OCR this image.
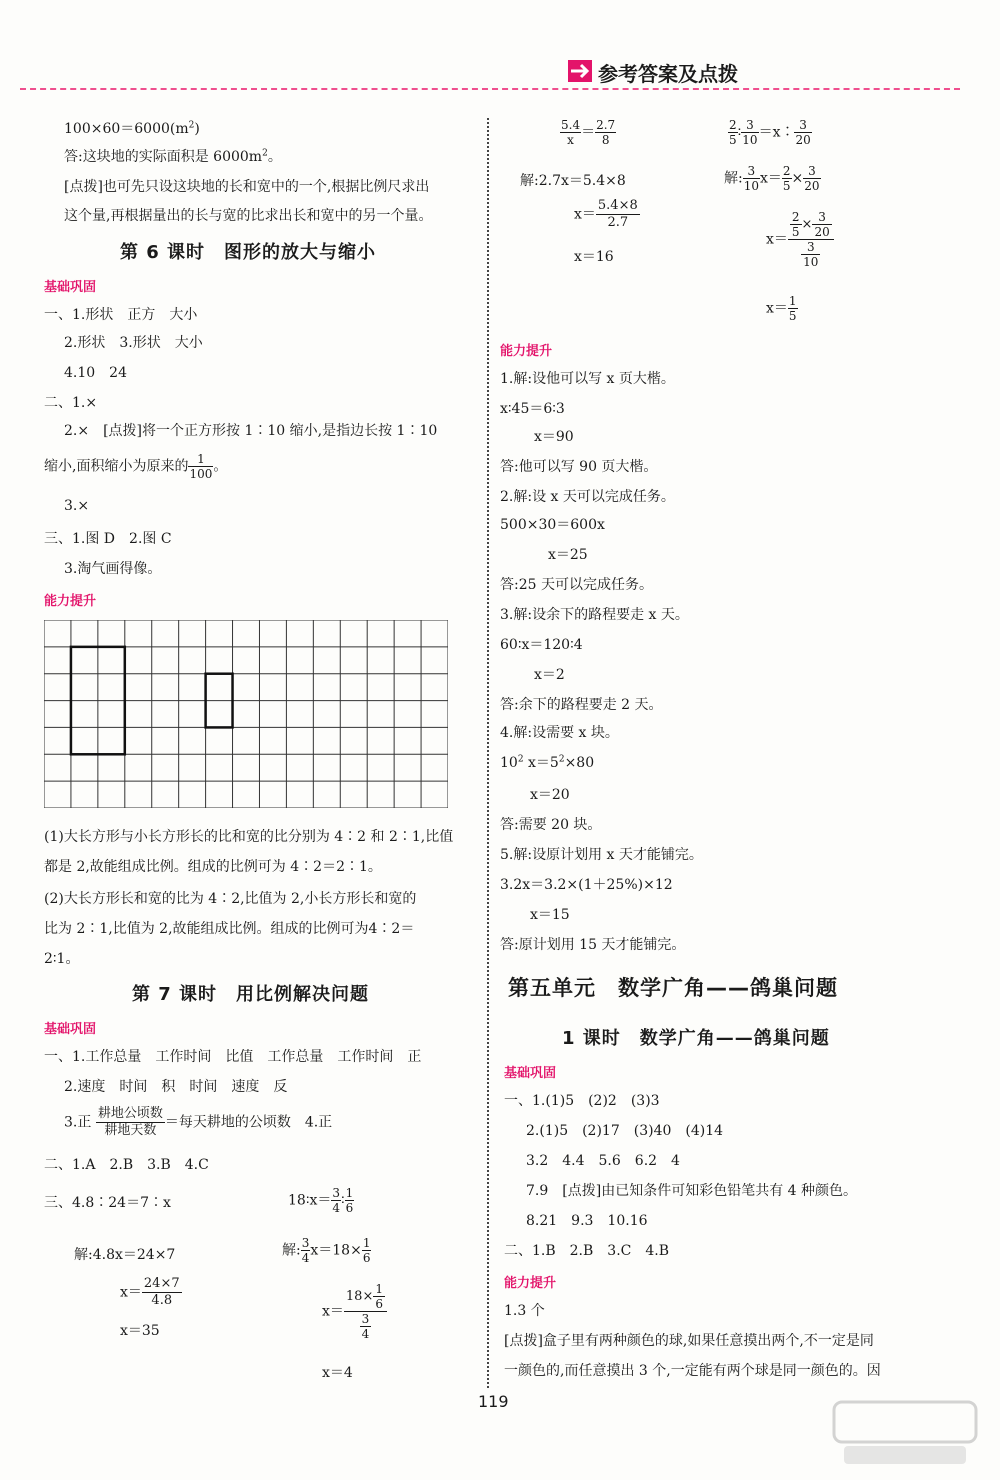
参考答案及点拨
$100\times 60=6000(m^2)$
答:这块地的实际面积是 $6000m^2$。
[点拨]也可先只设这块地的长和宽中的一个,根据比例尺求出
这个量,再根据量出的长与宽的比求出长和宽中的另一个量。
第 6 课时　图形的放大与缩小
基础巩固
一、1.形状　正方　大小
2.形状　3.形状　大小
4.10　24
二、1.×
2.×　[点拨]将一个正方形按 1∶10 缩小,是指边长按 1∶10
缩小,面积缩小为原来的 $\frac{1}{100}$ 。
3.×
三、1.图 D　2.图 C
3.淘气画得像。
能力提升
(1)大长方形与小长方形长的比和宽的比分别为 4∶2 和 2∶1,比值
都是 2,故能组成比例。组成的比例可为 4∶2＝2∶1。
(2)大长方形长和宽的比为 4∶2,比值为 2,小长方形长和宽的
比为 2∶1,比值为 2,故能组成比例。组成的比例可为4∶2＝
2∶1。
第 7 课时　用比例解决问题
基础巩固
一、1.工作总量　工作时间　比值　工作总量　工作时间　正
2.速度　时间　积　时间　速度　反
3.正
耕地公顷数
耕地天数 ＝每天耕地的公顷数　4.正
二、1.A　2.B　3.B　4.C
三、4.8∶24＝7∶x
解:4.8x＝24×7
$x= \frac{24\times 7}{4.8}$
x＝35
18∶x＝ $\frac{3}{4}$ ∶ $\frac{1}{6}$
解: $\frac{3}{4} x=18\times \frac{1}{6}$
$x= \frac{18\times \frac{1}{6}}{\frac{3}{4}}$
x＝4
$\frac{5.4}{x} = \frac{2.7}{8}$
解:2.7x＝5.4×8
$x= \frac{5.4\times 8}{2.7}$
x＝16
$\frac{2}{5}$ ∶ $\frac{3}{10}$ ＝x∶ $\frac{3}{20}$
解: $\frac{3}{10} x= \frac{2}{5} \times \frac{3}{20}$
$x= \frac{\frac{2}{5} \times \frac{3}{20}}{\frac{3}{10}}$
$x= \frac{1}{5}$
能力提升
1.解:设他可以写 x 页大楷。
x∶45＝6∶3
x＝90
答:他可以写 90 页大楷。
2.解:设 x 天可以完成任务。
500×30＝600x
x＝25
答:25 天可以完成任务。
3.解:设余下的路程要走 x 天。
60∶x＝120∶4
x＝2
答:余下的路程要走 2 天。
4.解:设需要 x 块。
$10^2$ $x=5^2\times 80$
x＝20
答:需要 20 块。
5.解:设原计划用 x 天才能铺完。
3.2x＝3.2×(1＋25%)×12
x＝15
答:原计划用 15 天才能铺完。
第五单元　数学广角——鸽巢问题
1 课时　数学广角——鸽巢问题
基础巩固
一、1.(1)5　(2)2　(3)3
2.(1)5　(2)17　(3)40　(4)14
3.2　4.4　5.6　6.2　4
7.9　[点拨]由已知条件可知彩色铅笔共有 4 种颜色。
8.21　9.3　10.16
二、1.B　2.B　3.C　4.B
能力提升
1.3 个
[点拨]盒子里有两种颜色的球,如果任意摸出两个,不一定是同
一颜色的,而任意摸出 3 个,一定能有两个球是同一颜色的。因
119
